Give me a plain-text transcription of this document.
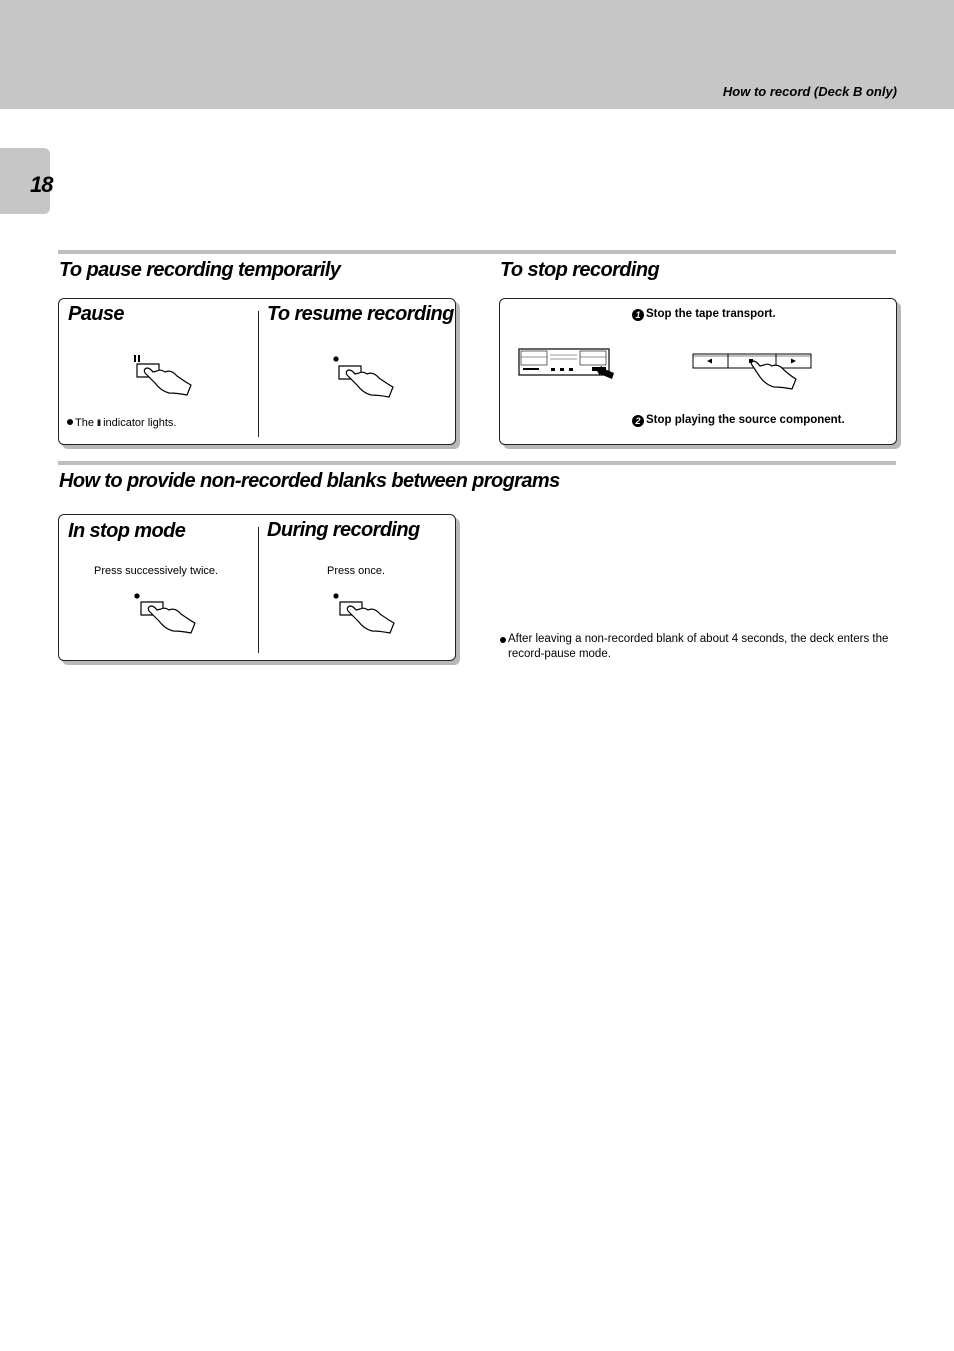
How to record (Deck B only)
18
To pause recording temporarily
Pause	To resume recording
The II indicator lights.
To stop recording
1 Stop the tape transport.
2 Stop playing the source component.
How to provide non-recorded blanks between programs
In stop mode	During recording
Press successively twice.	Press once.
After leaving a non-recorded blank of about 4 seconds, the deck enters the record-pause mode.
